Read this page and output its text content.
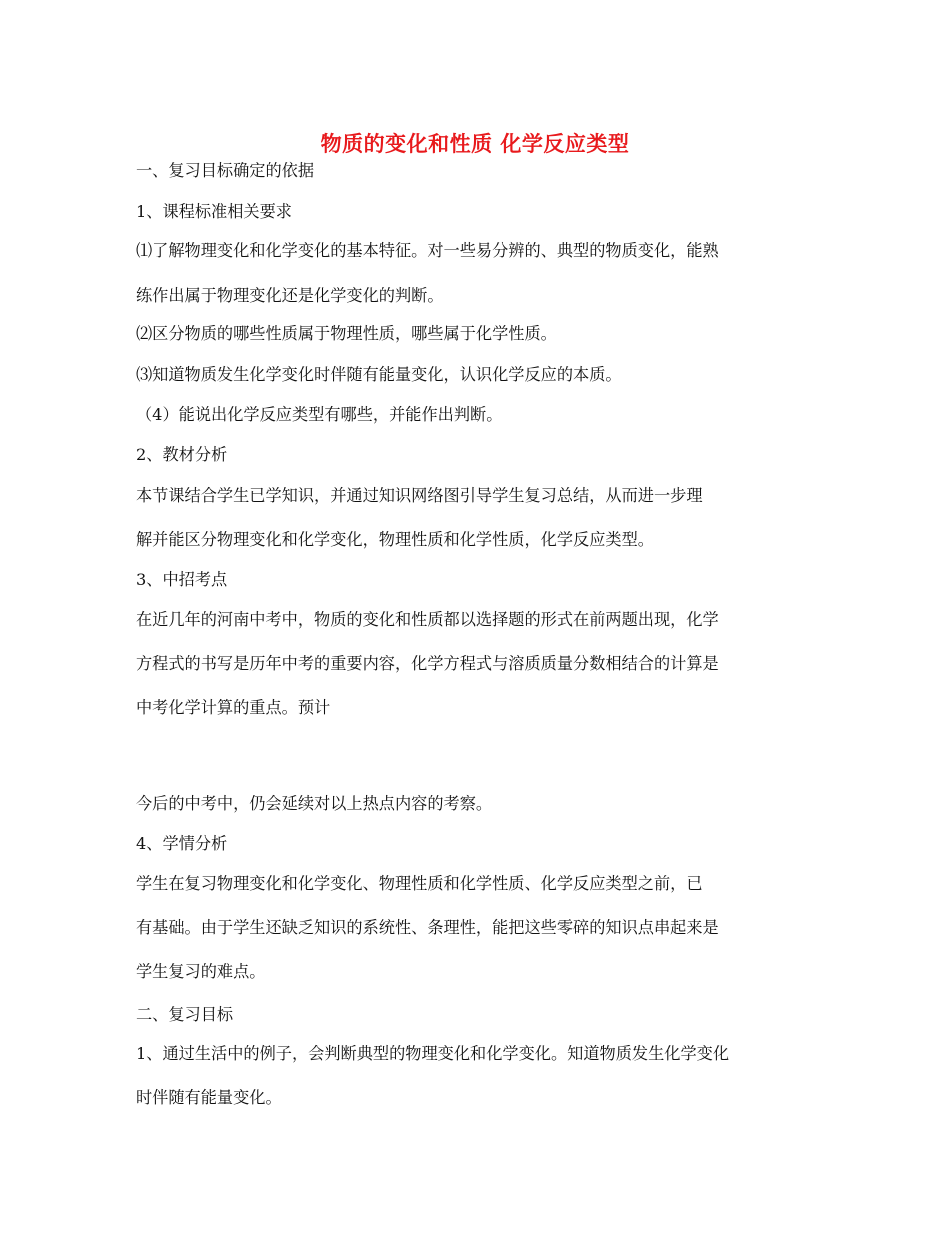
物质的变化和性质 化学反应类型
一、复习目标确定的依据
1、课程标准相关要求
⑴了解物理变化和化学变化的基本特征。对一些易分辨的、典型的物质变化，能熟
练作出属于物理变化还是化学变化的判断。
⑵区分物质的哪些性质属于物理性质，哪些属于化学性质。
⑶知道物质发生化学变化时伴随有能量变化，认识化学反应的本质。
（4）能说出化学反应类型有哪些，并能作出判断。
2、教材分析
本节课结合学生已学知识，并通过知识网络图引导学生复习总结，从而进一步理
解并能区分物理变化和化学变化，物理性质和化学性质，化学反应类型。
3、中招考点
在近几年的河南中考中，物质的变化和性质都以选择题的形式在前两题出现，化学
方程式的书写是历年中考的重要内容，化学方程式与溶质质量分数相结合的计算是
中考化学计算的重点。预计
今后的中考中，仍会延续对以上热点内容的考察。
4、学情分析
学生在复习物理变化和化学变化、物理性质和化学性质、化学反应类型之前，已
有基础。由于学生还缺乏知识的系统性、条理性，能把这些零碎的知识点串起来是
学生复习的难点。
二、复习目标
1、通过生活中的例子，会判断典型的物理变化和化学变化。知道物质发生化学变化
时伴随有能量变化。
